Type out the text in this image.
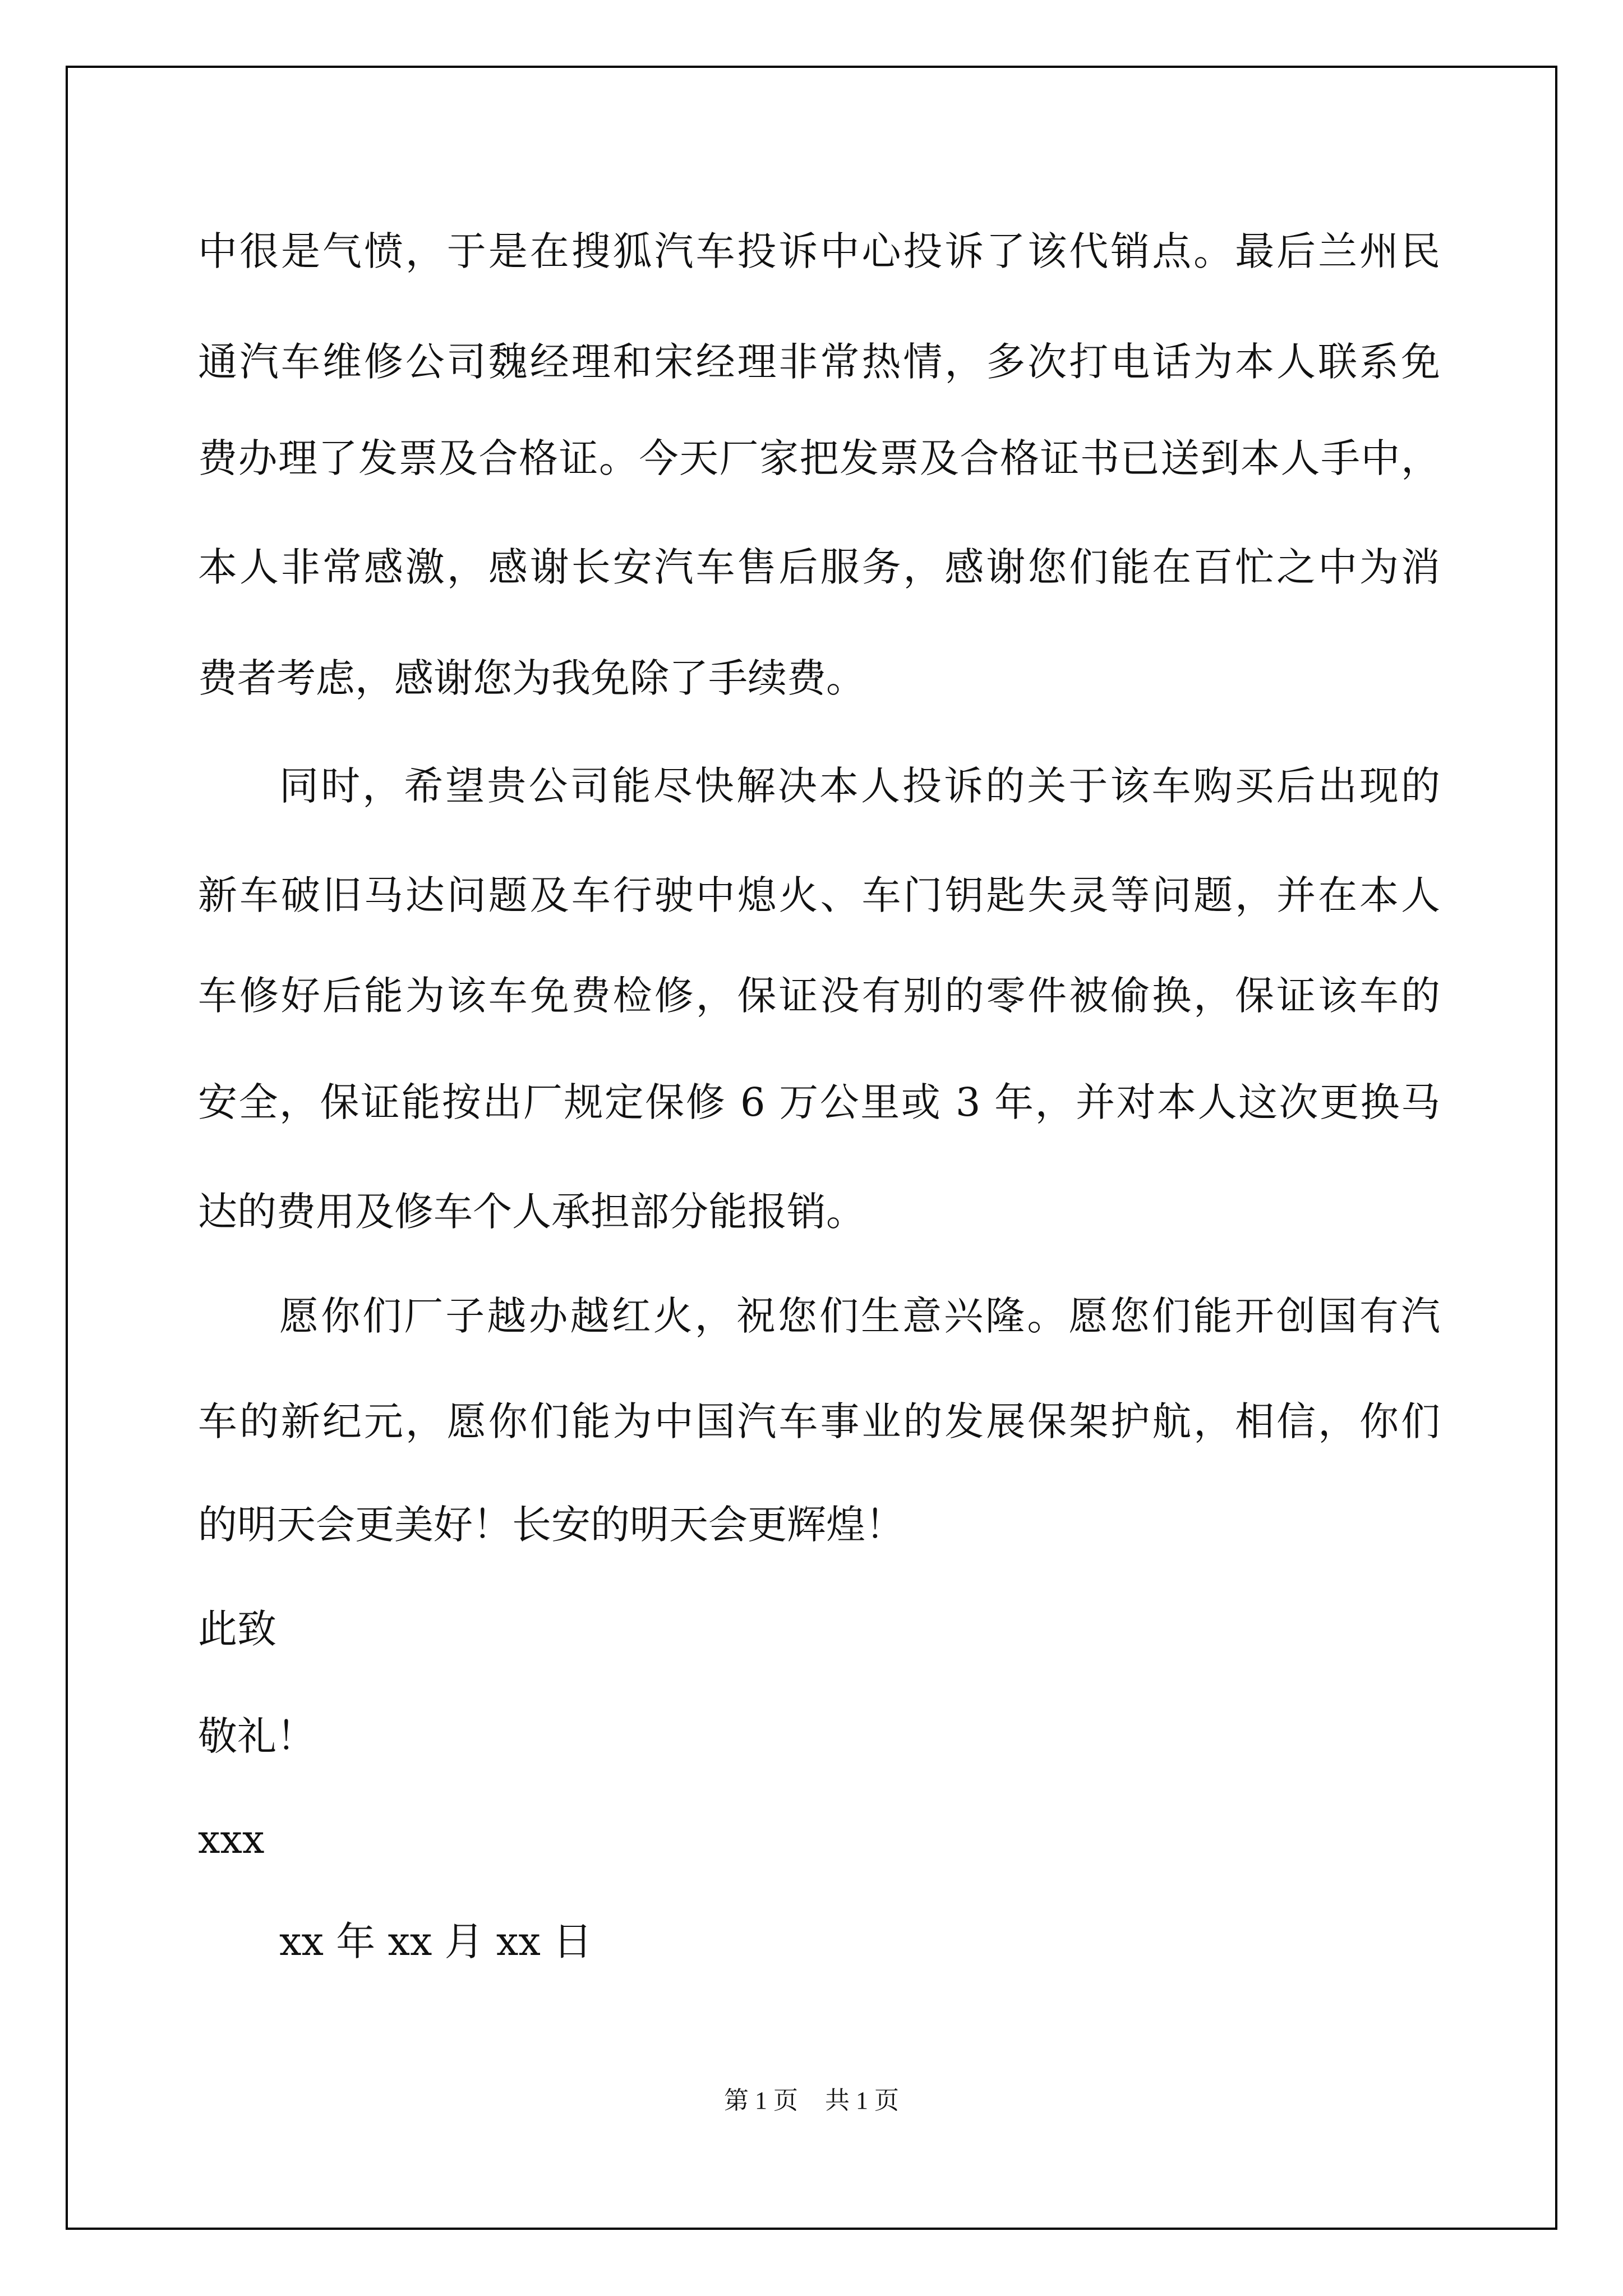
中很是气愤，于是在搜狐汽车投诉中心投诉了该代销点。最后兰州民
通汽车维修公司魏经理和宋经理非常热情，多次打电话为本人联系免
费办理了发票及合格证。今天厂家把发票及合格证书已送到本人手中，
本人非常感激，感谢长安汽车售后服务，感谢您们能在百忙之中为消
费者考虑，感谢您为我免除了手续费。
同时，希望贵公司能尽快解决本人投诉的关于该车购买后出现的
新车破旧马达问题及车行驶中熄火、车门钥匙失灵等问题，并在本人
车修好后能为该车免费检修，保证没有别的零件被偷换，保证该车的
安全，保证能按出厂规定保修 6 万公里或 3 年，并对本人这次更换马
达的费用及修车个人承担部分能报销。
愿你们厂子越办越红火，祝您们生意兴隆。愿您们能开创国有汽
车的新纪元，愿你们能为中国汽车事业的发展保架护航，相信，你们
的明天会更美好！长安的明天会更辉煌！
此致
敬礼！
xxx
xx 年 xx 月 xx 日
第 1 页 共 1 页
